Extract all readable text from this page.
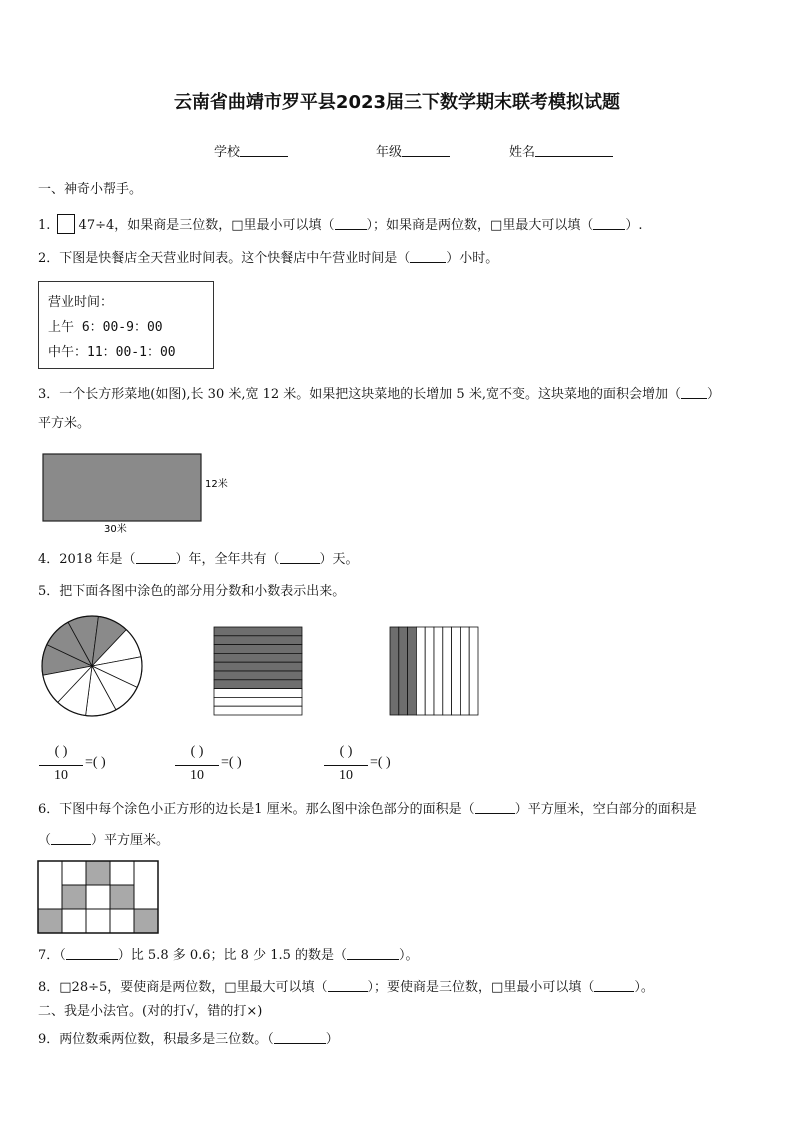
云南省曲靖市罗平县2023届三下数学期末联考模拟试题
学校	年级	姓名
一、神奇小帮手。
1. 47÷4，如果商是三位数，□里最小可以填（ ）；如果商是两位数，□里最大可以填（ ）.
2．下图是快餐店全天营业时间表。这个快餐店中午营业时间是（	）小时。
营业时间：
上午 6：00-9：00
中午：11：00-1：00
3．一个长方形菜地(如图),长 30 米,宽 12 米。如果把这块菜地的长增加 5 米,宽不变。这块菜地的面积会增加（ ）
平方米。
12米
30米
4．2018 年是（	）年，全年共有（	）天。
5．把下面各图中涂色的部分用分数和小数表示出来。
( )
10
=( )
( )
10
=( )
( )
10
=( )
6．下图中每个涂色小正方形的边长是1 厘米。那么图中涂色部分的面积是（	）平方厘米，空白部分的面积是
（	）平方厘米。
7．（	）比 5.8 多 0.6；比 8 少 1.5 的数是（	）。
8．□28÷5，要使商是两位数，□里最大可以填（	）；要使商是三位数，□里最小可以填（	）。
二、我是小法官。(对的打√，错的打×)
9．两位数乘两位数，积最多是三位数。（	）
